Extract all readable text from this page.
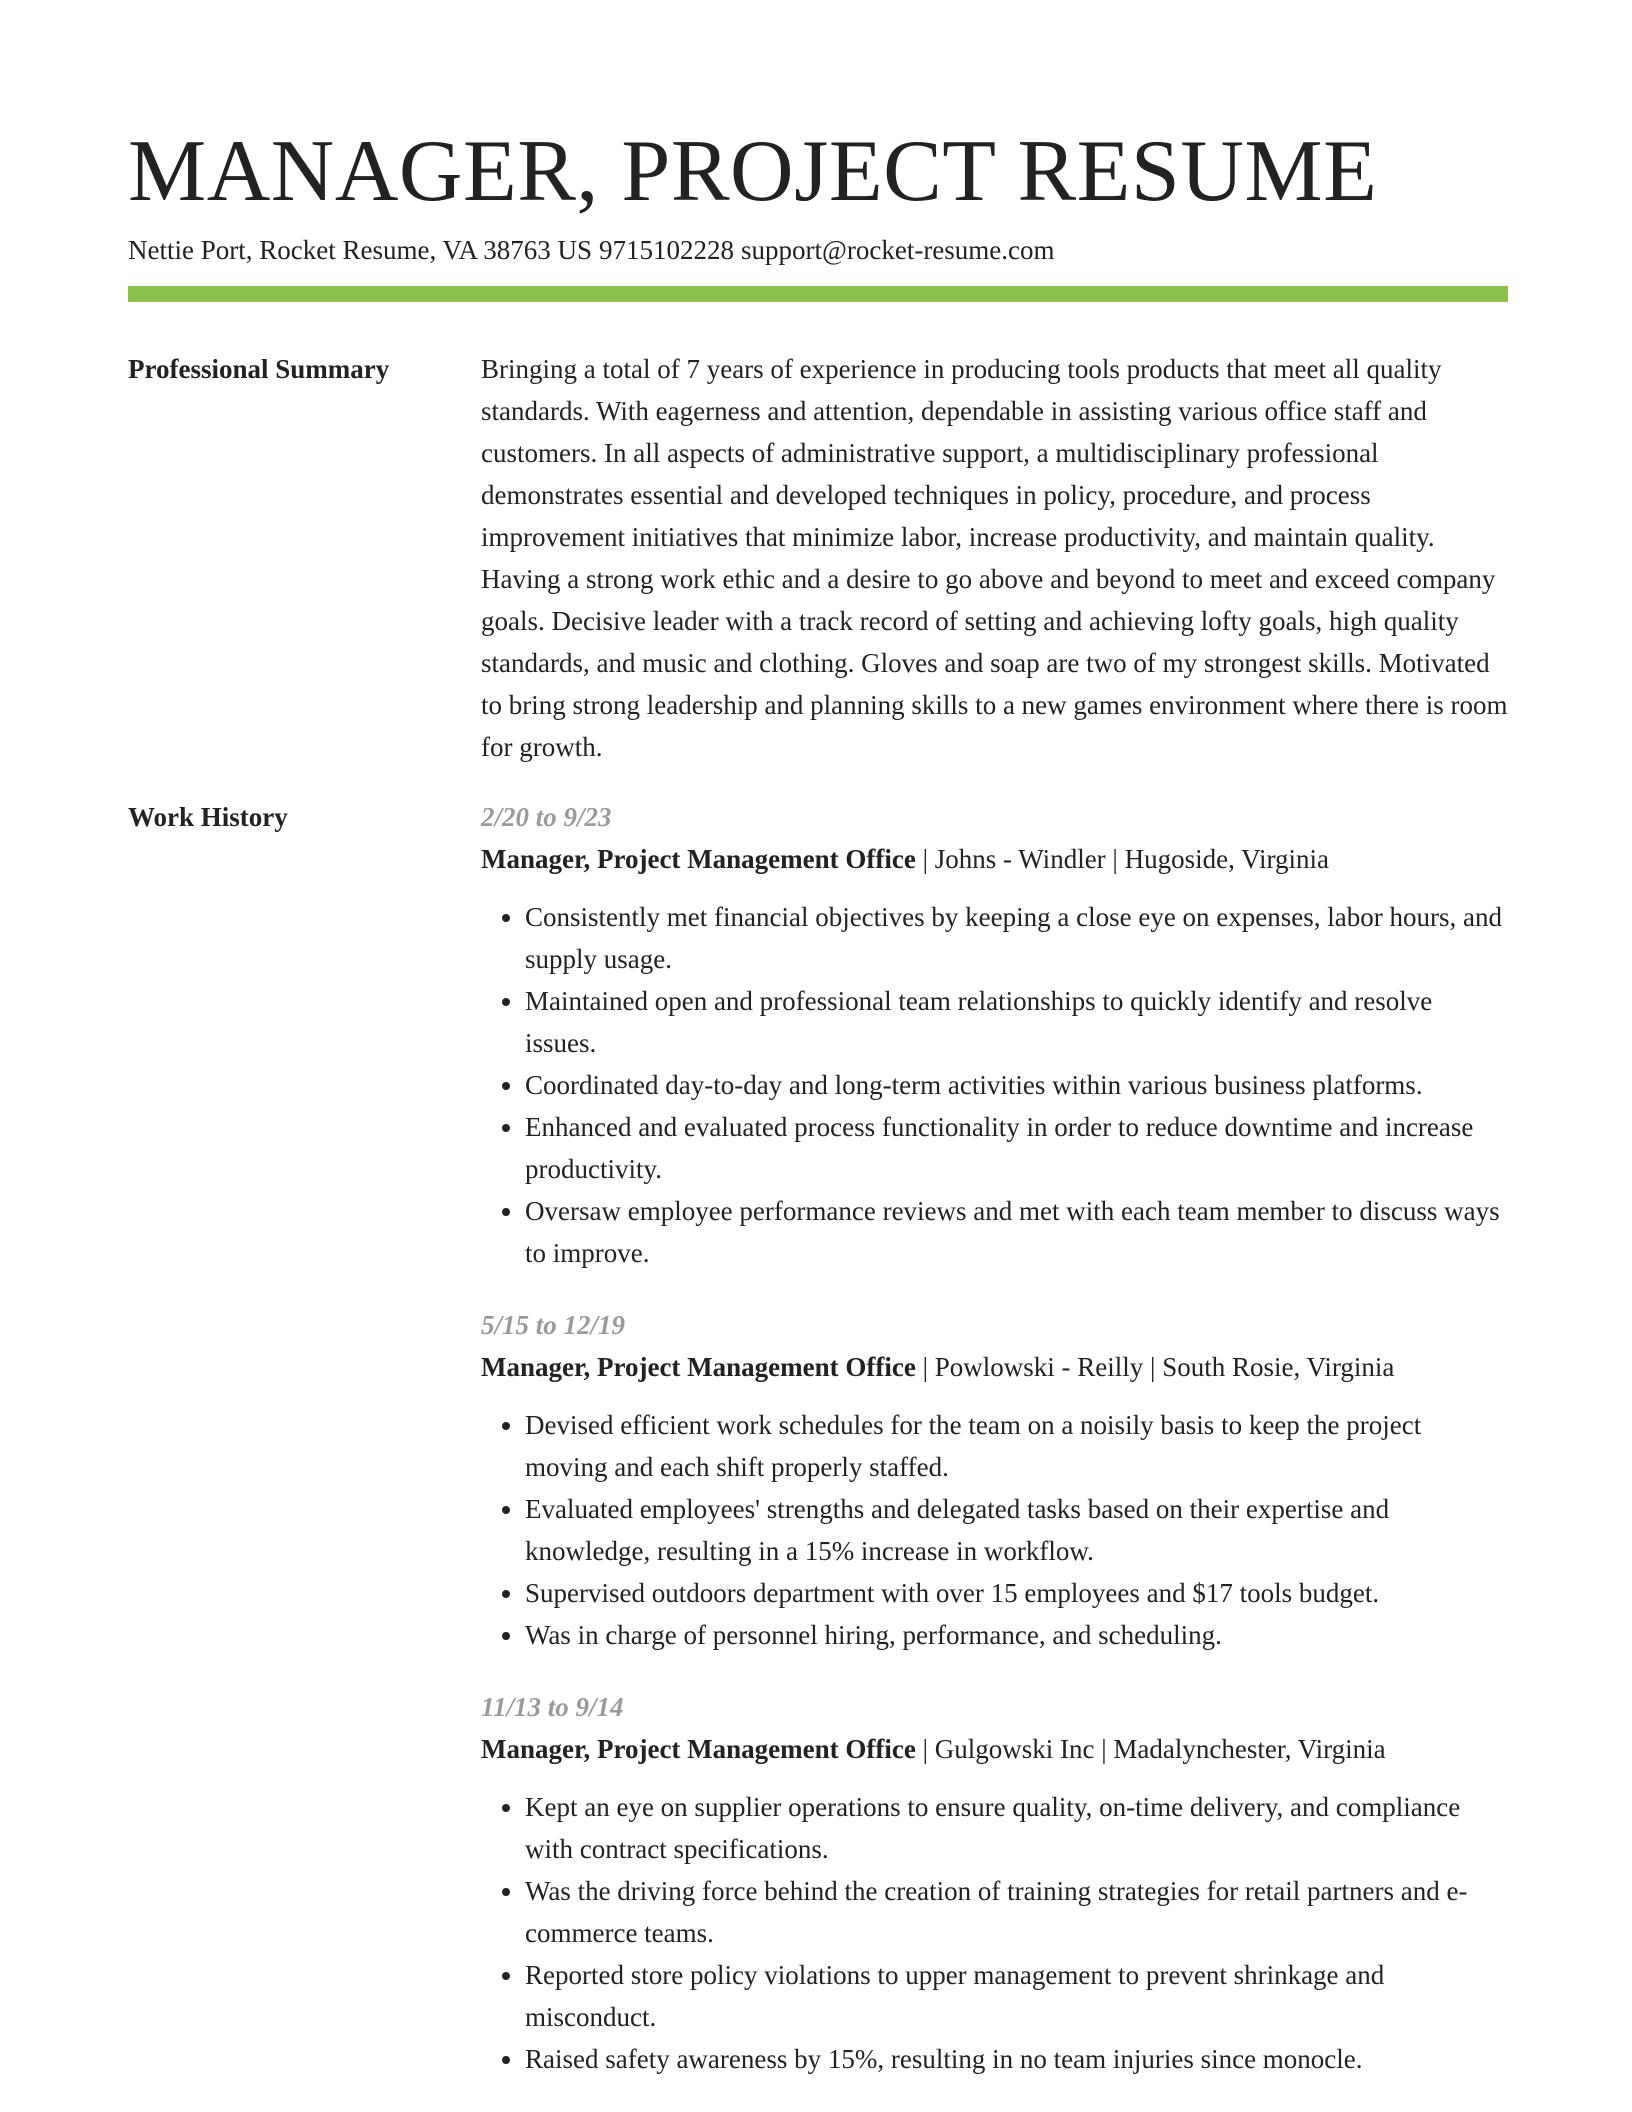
MANAGER, PROJECT RESUME
Nettie Port, Rocket Resume, VA 38763 US 9715102228 support@rocket-resume.com
Professional Summary	Bringing a total of 7 years of experience in producing tools products that meet all quality standards. With eagerness and attention, dependable in assisting various office staff and customers. In all aspects of administrative support, a multidisciplinary professional demonstrates essential and developed techniques in policy, procedure, and process improvement initiatives that minimize labor, increase productivity, and maintain quality. Having a strong work ethic and a desire to go above and beyond to meet and exceed company goals. Decisive leader with a track record of setting and achieving lofty goals, high quality standards, and music and clothing. Gloves and soap are two of my strongest skills. Motivated to bring strong leadership and planning skills to a new games environment where there is room for growth.

Work History	2/20 to 9/23
Manager, Project Management Office | Johns - Windler | Hugoside, Virginia
• Consistently met financial objectives by keeping a close eye on expenses, labor hours, and supply usage.
• Maintained open and professional team relationships to quickly identify and resolve issues.
• Coordinated day-to-day and long-term activities within various business platforms.
• Enhanced and evaluated process functionality in order to reduce downtime and increase productivity.
• Oversaw employee performance reviews and met with each team member to discuss ways to improve.
5/15 to 12/19
Manager, Project Management Office | Powlowski - Reilly | South Rosie, Virginia
• Devised efficient work schedules for the team on a noisily basis to keep the project moving and each shift properly staffed.
• Evaluated employees' strengths and delegated tasks based on their expertise and knowledge, resulting in a 15% increase in workflow.
• Supervised outdoors department with over 15 employees and $17 tools budget.
• Was in charge of personnel hiring, performance, and scheduling.
11/13 to 9/14
Manager, Project Management Office | Gulgowski Inc | Madalynchester, Virginia
• Kept an eye on supplier operations to ensure quality, on-time delivery, and compliance with contract specifications.
• Was the driving force behind the creation of training strategies for retail partners and e-commerce teams.
• Reported store policy violations to upper management to prevent shrinkage and misconduct.
• Raised safety awareness by 15%, resulting in no team injuries since monocle.
